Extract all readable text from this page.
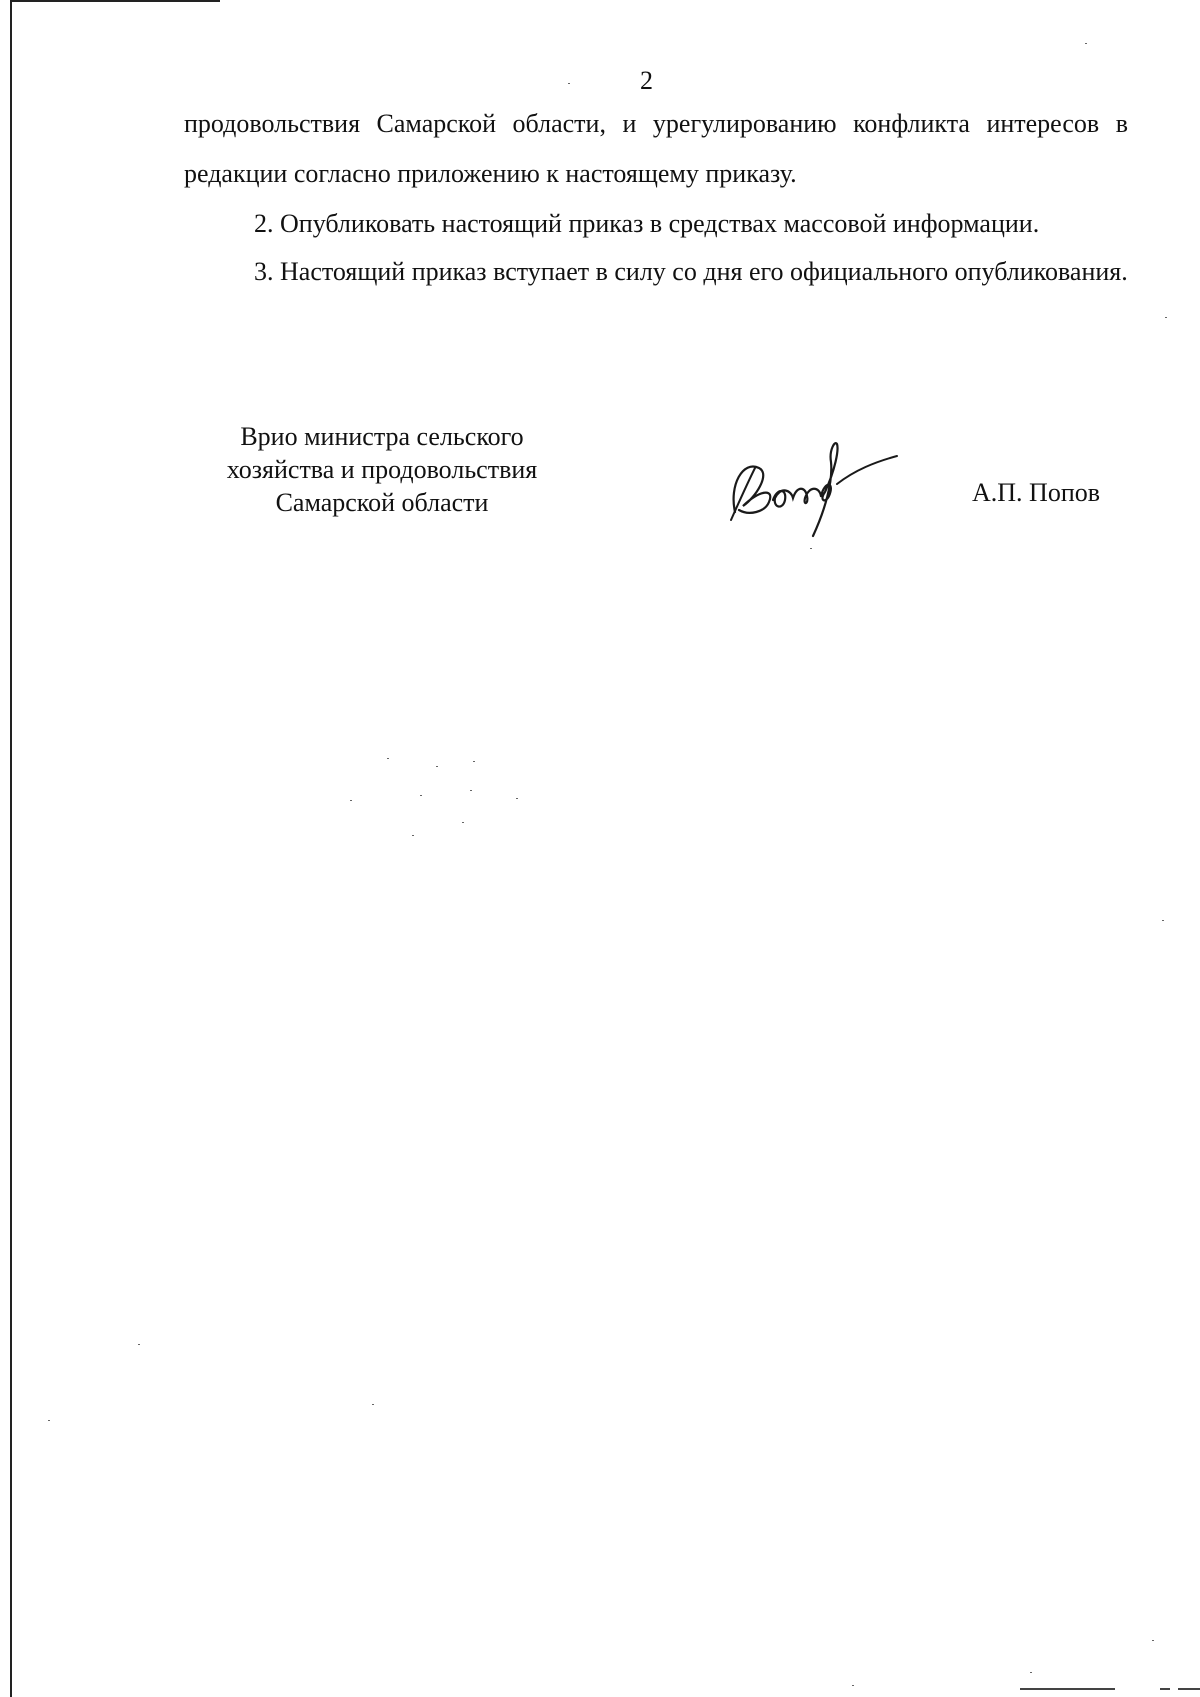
2
продовольствия Самарской области, и урегулированию конфликта интересов в редакции согласно приложению к настоящему приказу.
2. Опубликовать настоящий приказ в средствах массовой информации.
3. Настоящий приказ вступает в силу со дня его официального опубликования.
Врио министра сельского
хозяйства и продовольствия
Самарской области	А.П. Попов
